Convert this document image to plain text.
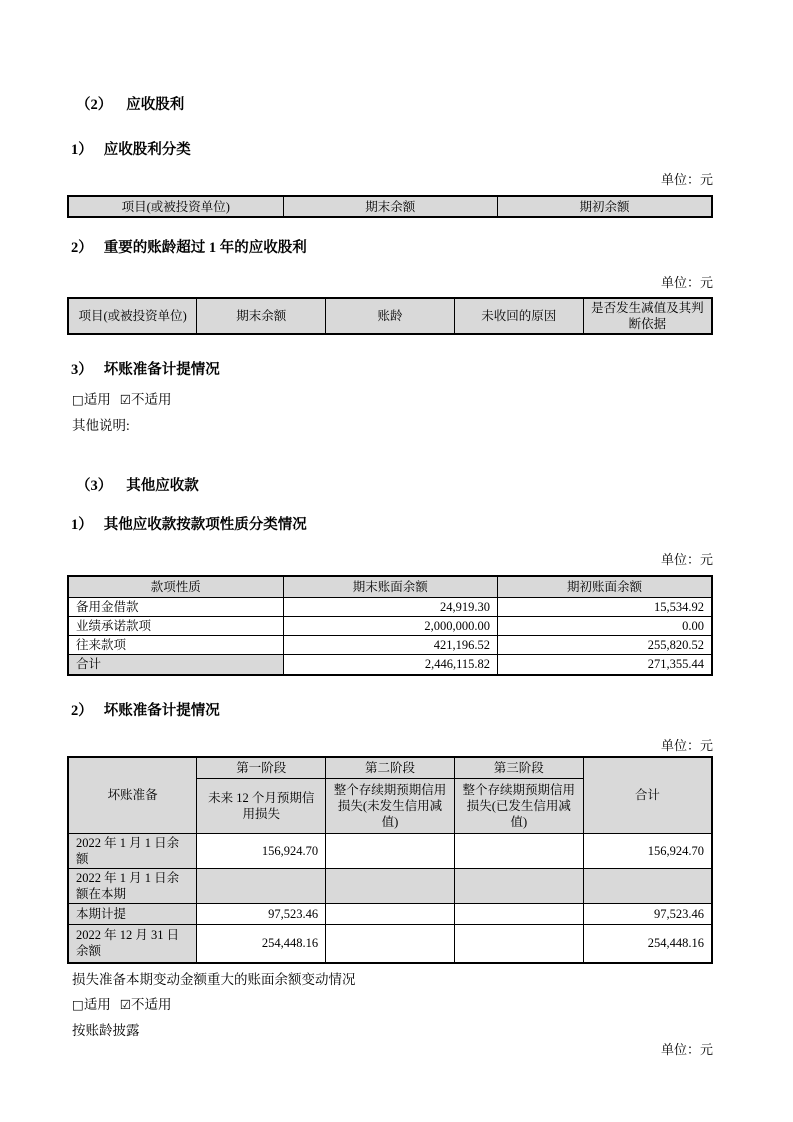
（2） 应收股利
1） 应收股利分类
单位：元
项目(或被投资单位)	期末余额	期初余额
2） 重要的账龄超过 1 年的应收股利
单位：元
项目(或被投资单位)	期末余额	账龄	未收回的原因	是否发生减值及其判断依据
3） 坏账准备计提情况
□适用 ☑不适用
其他说明:
（3） 其他应收款
1） 其他应收款按款项性质分类情况
单位：元
款项性质	期末账面余额	期初账面余额
备用金借款	24,919.30	15,534.92
业绩承诺款项	2,000,000.00	0.00
往来款项	421,196.52	255,820.52
合计	2,446,115.82	271,355.44
2） 坏账准备计提情况
单位：元
坏账准备	第一阶段	第二阶段	第三阶段	合计
	未来 12 个月预期信用损失	整个存续期预期信用损失(未发生信用减值)	整个存续期预期信用损失(已发生信用减值)	
2022 年 1 月 1 日余额	156,924.70			156,924.70
2022 年 1 月 1 日余额在本期				
本期计提	97,523.46			97,523.46
2022 年 12 月 31 日余额	254,448.16			254,448.16
损失准备本期变动金额重大的账面余额变动情况
□适用 ☑不适用
按账龄披露
单位：元
